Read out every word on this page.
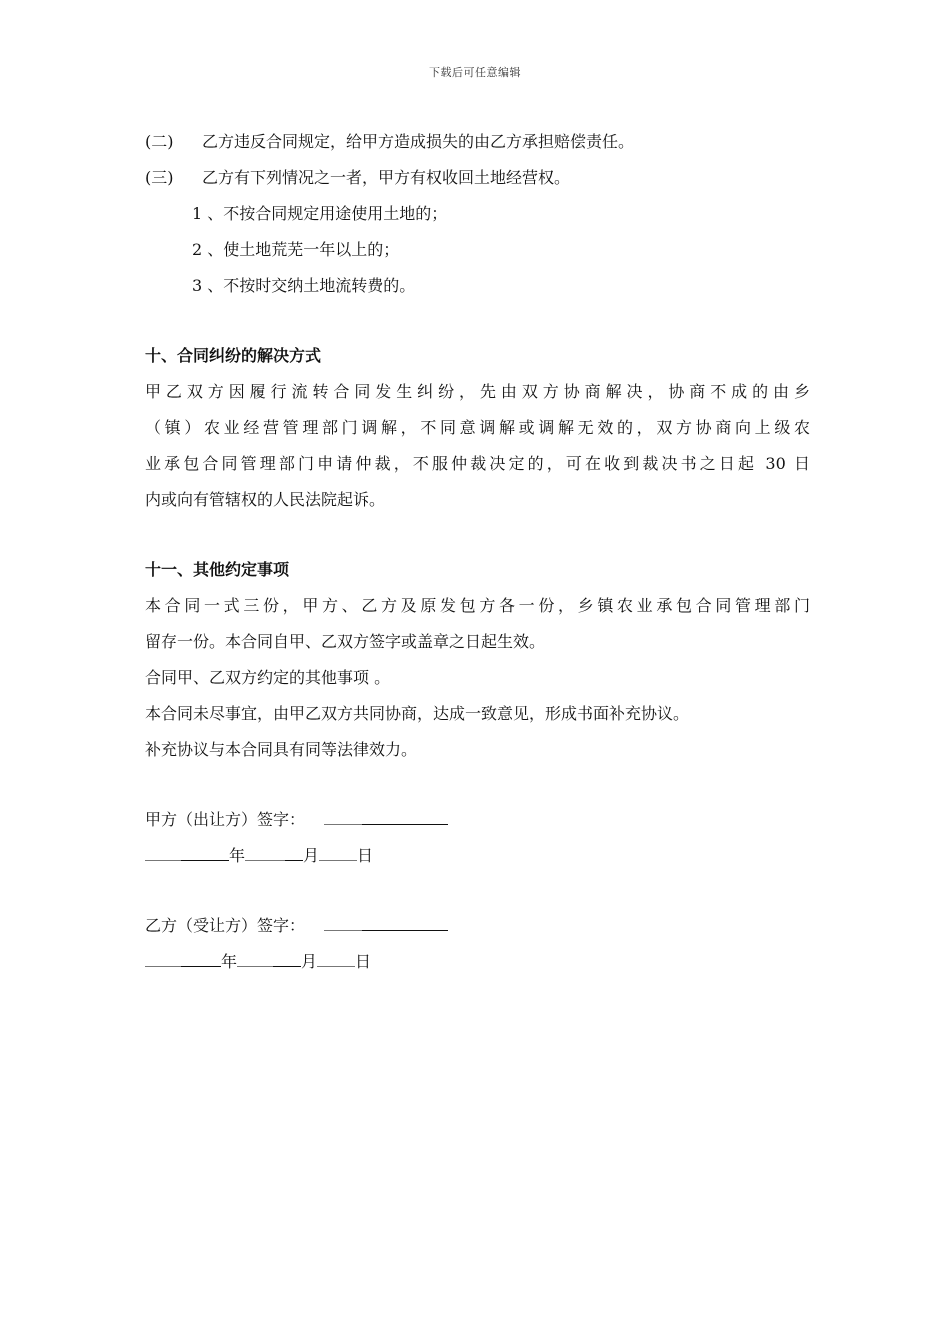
下载后可任意编辑
(二) 乙方违反合同规定，给甲方造成损失的由乙方承担赔偿责任。
(三) 乙方有下列情况之一者，甲方有权收回土地经营权。
1 、不按合同规定用途使用土地的；
2 、使土地荒芜一年以上的；
3 、不按时交纳土地流转费的。
十、合同纠纷的解决方式
甲乙双方因履行流转合同发生纠纷，先由双方协商解决，协商不成的由乡
（镇）农业经营管理部门调解，不同意调解或调解无效的，双方协商向上级农
业承包合同管理部门申请仲裁，不服仲裁决定的，可在收到裁决书之日起 30 日
内或向有管辖权的人民法院起诉。
十一、其他约定事项
本合同一式三份，甲方、乙方及原发包方各一份，乡镇农业承包合同管理部门
留存一份。本合同自甲、乙双方签字或盖章之日起生效。
合同甲、乙双方约定的其他事项 。
本合同未尽事宜，由甲乙双方共同协商，达成一致意见，形成书面补充协议。
补充协议与本合同具有同等法律效力。
甲方（出让方）签字：
年	月 日
乙方（受让方）签字：
年	月 日
